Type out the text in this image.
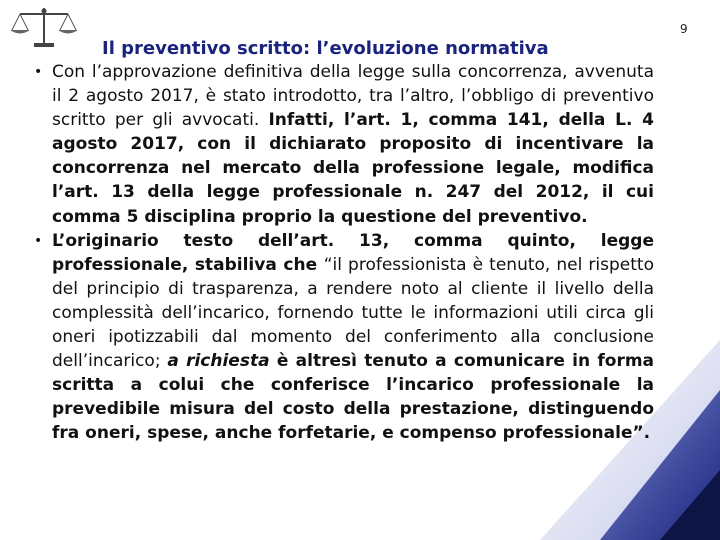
9
Il preventivo scritto: l’evoluzione normativa
• Con l’approvazione definitiva della legge sulla concorrenza, avvenuta il 2 agosto 2017, è stato introdotto, tra l’altro, l’obbligo di preventivo scritto per gli avvocati. Infatti, l’art. 1, comma 141, della L. 4 agosto 2017, con il dichiarato proposito di incentivare la concorrenza nel mercato della professione legale, modifica l’art. 13 della legge professionale n. 247 del 2012, il cui comma 5 disciplina proprio la questione del preventivo.
• L’originario testo dell’art. 13, comma quinto, legge professionale, stabiliva che “il professionista è tenuto, nel rispetto del principio di trasparenza, a rendere noto al cliente il livello della complessità dell’incarico, fornendo tutte le informazioni utili circa gli oneri ipotizzabili dal momento del conferimento alla conclusione dell’incarico; a richiesta è altresì tenuto a comunicare in forma scritta a colui che conferisce l’incarico professionale la prevedibile misura del costo della prestazione, distinguendo fra oneri, spese, anche forfetarie, e compenso professionale”.
